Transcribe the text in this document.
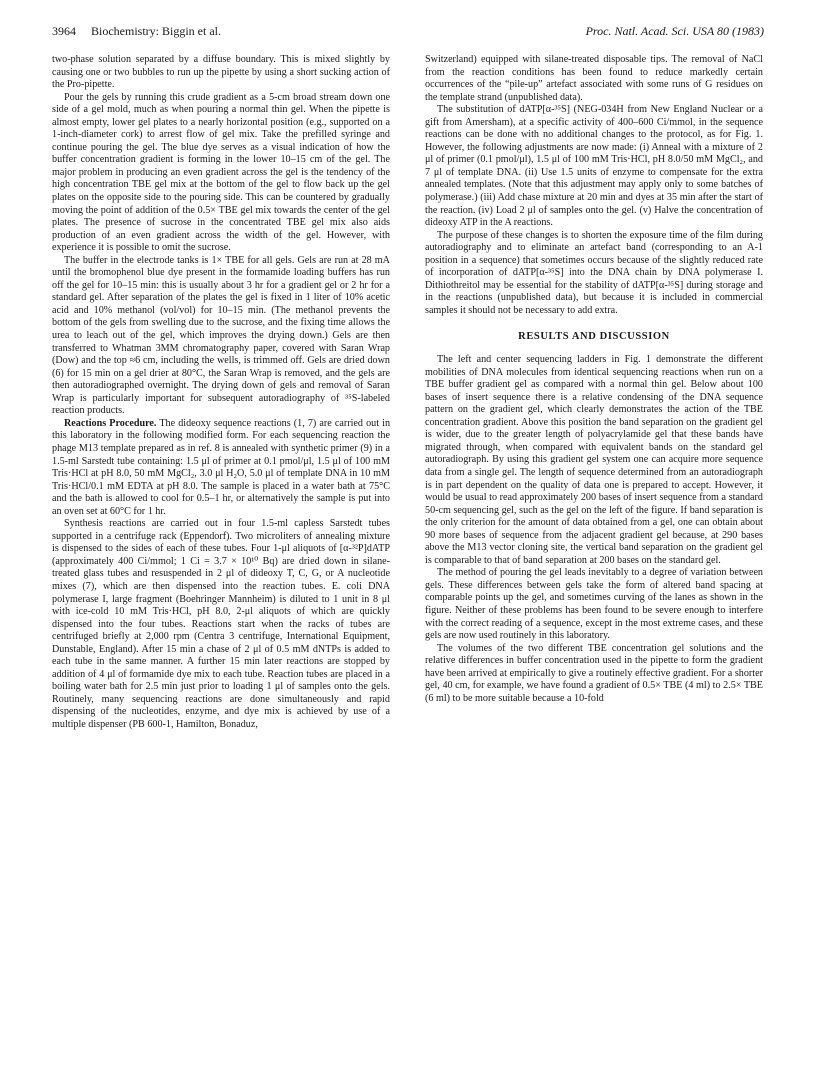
3964 Biochemistry: Biggin et al.	Proc. Natl. Acad. Sci. USA 80 (1983)

two-phase solution separated by a diffuse boundary. This is mixed slightly by causing one or two bubbles to run up the pipette by using a short sucking action of the Pro-pipette.

Pour the gels by running this crude gradient as a 5-cm broad stream down one side of a gel mold, much as when pouring a normal thin gel. When the pipette is almost empty, lower gel plates to a nearly horizontal position (e.g., supported on a 1-inch-diameter cork) to arrest flow of gel mix. Take the prefilled syringe and continue pouring the gel. The blue dye serves as a visual indication of how the buffer concentration gradient is forming in the lower 10–15 cm of the gel. The major problem in producing an even gradient across the gel is the tendency of the high concentration TBE gel mix at the bottom of the gel to flow back up the gel plates on the opposite side to the pouring side. This can be countered by gradually moving the point of addition of the 0.5× TBE gel mix towards the center of the gel plates. The presence of sucrose in the concentrated TBE gel mix also aids production of an even gradient across the width of the gel. However, with experience it is possible to omit the sucrose.

The buffer in the electrode tanks is 1× TBE for all gels. Gels are run at 28 mA until the bromophenol blue dye present in the formamide loading buffers has run off the gel for 10–15 min: this is usually about 3 hr for a gradient gel or 2 hr for a standard gel. After separation of the plates the gel is fixed in 1 liter of 10% acetic acid and 10% methanol (vol/vol) for 10–15 min. (The methanol prevents the bottom of the gels from swelling due to the sucrose, and the fixing time allows the urea to leach out of the gel, which improves the drying down.) Gels are then transferred to Whatman 3MM chromatography paper, covered with Saran Wrap (Dow) and the top ≈6 cm, including the wells, is trimmed off. Gels are dried down (6) for 15 min on a gel drier at 80°C, the Saran Wrap is removed, and the gels are then autoradiographed overnight. The drying down of gels and removal of Saran Wrap is particularly important for subsequent autoradiography of ³⁵S-labeled reaction products.

Reactions Procedure. The dideoxy sequence reactions (1, 7) are carried out in this laboratory in the following modified form. For each sequencing reaction the phage M13 template prepared as in ref. 8 is annealed with synthetic primer (9) in a 1.5-ml Sarstedt tube containing: 1.5 μl of primer at 0.1 pmol/μl, 1.5 μl of 100 mM Tris·HCl at pH 8.0, 50 mM MgCl₂, 3.0 μl H₂O, 5.0 μl of template DNA in 10 mM Tris·HCl/0.1 mM EDTA at pH 8.0. The sample is placed in a water bath at 75°C and the bath is allowed to cool for 0.5–1 hr, or alternatively the sample is put into an oven set at 60°C for 1 hr.

Synthesis reactions are carried out in four 1.5-ml capless Sarstedt tubes supported in a centrifuge rack (Eppendorf). Two microliters of annealing mixture is dispensed to the sides of each of these tubes. Four 1-μl aliquots of [α-³²P]dATP (approximately 400 Ci/mmol; 1 Ci = 3.7 × 10¹⁰ Bq) are dried down in silane-treated glass tubes and resuspended in 2 μl of dideoxy T, C, G, or A nucleotide mixes (7), which are then dispensed into the reaction tubes. E. coli DNA polymerase I, large fragment (Boehringer Mannheim) is diluted to 1 unit in 8 μl with ice-cold 10 mM Tris·HCl, pH 8.0, 2-μl aliquots of which are quickly dispensed into the four tubes. Reactions start when the racks of tubes are centrifuged briefly at 2,000 rpm (Centra 3 centrifuge, International Equipment, Dunstable, England). After 15 min a chase of 2 μl of 0.5 mM dNTPs is added to each tube in the same manner. A further 15 min later reactions are stopped by addition of 4 μl of formamide dye mix to each tube. Reaction tubes are placed in a boiling water bath for 2.5 min just prior to loading 1 μl of samples onto the gels. Routinely, many sequencing reactions are done simultaneously and rapid dispensing of the nucleotides, enzyme, and dye mix is achieved by use of a multiple dispenser (PB 600-1, Hamilton, Bonaduz,

Switzerland) equipped with silane-treated disposable tips. The removal of NaCl from the reaction conditions has been found to reduce markedly certain occurrences of the “pile-up” artefact associated with some runs of G residues on the template strand (unpublished data).

The substitution of dATP[α-³⁵S] (NEG-034H from New England Nuclear or a gift from Amersham), at a specific activity of 400–600 Ci/mmol, in the sequence reactions can be done with no additional changes to the protocol, as for Fig. 1. However, the following adjustments are now made: (i) Anneal with a mixture of 2 μl of primer (0.1 pmol/μl), 1.5 μl of 100 mM Tris·HCl, pH 8.0/50 mM MgCl₂, and 7 μl of template DNA. (ii) Use 1.5 units of enzyme to compensate for the extra annealed templates. (Note that this adjustment may apply only to some batches of polymerase.) (iii) Add chase mixture at 20 min and dyes at 35 min after the start of the reaction. (iv) Load 2 μl of samples onto the gel. (v) Halve the concentration of dideoxy ATP in the A reactions.

The purpose of these changes is to shorten the exposure time of the film during autoradiography and to eliminate an artefact band (corresponding to an A-1 position in a sequence) that sometimes occurs because of the slightly reduced rate of incorporation of dATP[α-³⁵S] into the DNA chain by DNA polymerase I. Dithiothreitol may be essential for the stability of dATP[α-³⁵S] during storage and in the reactions (unpublished data), but because it is included in commercial samples it should not be necessary to add extra.

RESULTS AND DISCUSSION

The left and center sequencing ladders in Fig. 1 demonstrate the different mobilities of DNA molecules from identical sequencing reactions when run on a TBE buffer gradient gel as compared with a normal thin gel. Below about 100 bases of insert sequence there is a relative condensing of the DNA sequence pattern on the gradient gel, which clearly demonstrates the action of the TBE concentration gradient. Above this position the band separation on the gradient gel is wider, due to the greater length of polyacrylamide gel that these bands have migrated through, when compared with equivalent bands on the standard gel autoradiograph. By using this gradient gel system one can acquire more sequence data from a single gel. The length of sequence determined from an autoradiograph is in part dependent on the quality of data one is prepared to accept. However, it would be usual to read approximately 200 bases of insert sequence from a standard 50-cm sequencing gel, such as the gel on the left of the figure. If band separation is the only criterion for the amount of data obtained from a gel, one can obtain about 90 more bases of sequence from the adjacent gradient gel because, at 290 bases above the M13 vector cloning site, the vertical band separation on the gradient gel is comparable to that of band separation at 200 bases on the standard gel.

The method of pouring the gel leads inevitably to a degree of variation between gels. These differences between gels take the form of altered band spacing at comparable points up the gel, and sometimes curving of the lanes as shown in the figure. Neither of these problems has been found to be severe enough to interfere with the correct reading of a sequence, except in the most extreme cases, and these gels are now used routinely in this laboratory.

The volumes of the two different TBE concentration gel solutions and the relative differences in buffer concentration used in the pipette to form the gradient have been arrived at empirically to give a routinely effective gradient. For a shorter gel, 40 cm, for example, we have found a gradient of 0.5× TBE (4 ml) to 2.5× TBE (6 ml) to be more suitable because a 10-fold
